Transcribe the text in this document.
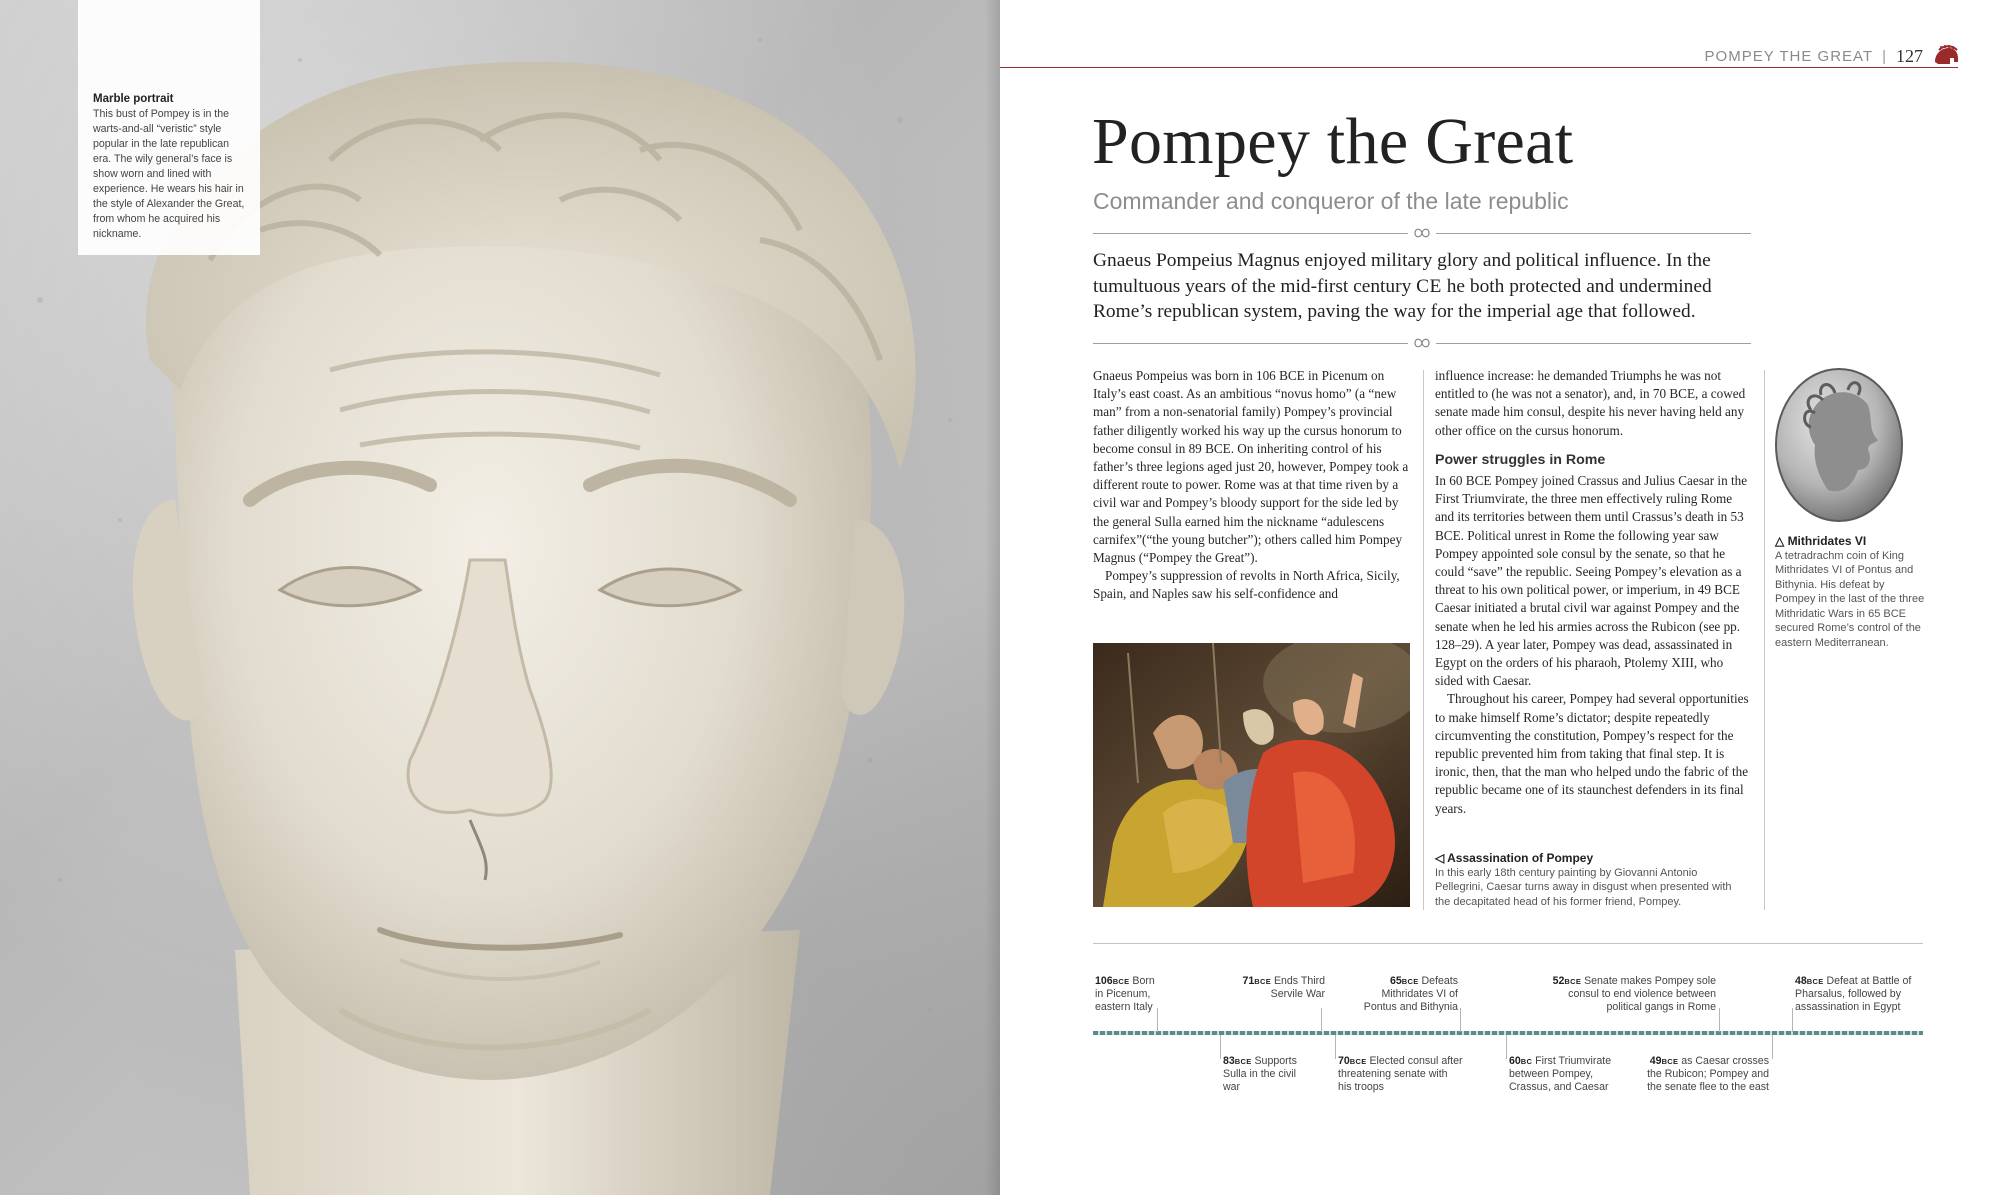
Marble portrait
This bust of Pompey is in the warts-and-all “veristic” style popular in the late republican era. The wily general’s face is show worn and lined with experience. He wears his hair in the style of Alexander the Great, from whom he acquired his nickname.
POMPEY THE GREAT | 127
Pompey the Great
Commander and conqueror of the late republic
Gnaeus Pompeius Magnus enjoyed military glory and political influence. In the tumultuous years of the mid-first century CE he both protected and undermined Rome’s republican system, paving the way for the imperial age that followed.

Gnaeus Pompeius was born in 106 BCE in Picenum on Italy’s east coast. As an ambitious “novus homo” (a “new man” from a non-senatorial family) Pompey’s provincial father diligently worked his way up the cursus honorum to become consul in 89 BCE. On inheriting control of his father’s three legions aged just 20, however, Pompey took a different route to power. Rome was at that time riven by a civil war and Pompey’s bloody support for the side led by the general Sulla earned him the nickname “adulescens carnifex”(“the young butcher”); others called him Pompey Magnus (“Pompey the Great”).

Pompey’s suppression of revolts in North Africa, Sicily, Spain, and Naples saw his self-confidence and

influence increase: he demanded Triumphs he was not entitled to (he was not a senator), and, in 70 BCE, a cowed senate made him consul, despite his never having held any other office on the cursus honorum.

Power struggles in Rome

In 60 BCE Pompey joined Crassus and Julius Caesar in the First Triumvirate, the three men effectively ruling Rome and its territories between them until Crassus’s death in 53 BCE. Political unrest in Rome the following year saw Pompey appointed sole consul by the senate, so that he could “save” the republic. Seeing Pompey’s elevation as a threat to his own political power, or imperium, in 49 BCE Caesar initiated a brutal civil war against Pompey and the senate when he led his armies across the Rubicon (see pp. 128–29). A year later, Pompey was dead, assassinated in Egypt on the orders of his pharaoh, Ptolemy XIII, who sided with Caesar.

Throughout his career, Pompey had several opportunities to make himself Rome’s dictator; despite repeatedly circumventing the constitution, Pompey’s respect for the republic prevented him from taking that final step. It is ironic, then, that the man who helped undo the fabric of the republic became one of its staunchest defenders in its final years.

◁ Assassination of Pompey
In this early 18th century painting by Giovanni Antonio Pellegrini, Caesar turns away in disgust when presented with the decapitated head of his former friend, Pompey.
△ Mithridates VI
A tetradrachm coin of King Mithridates VI of Pontus and Bithynia. His defeat by Pompey in the last of the three Mithridatic Wars in 65 BCE secured Rome’s control of the eastern Mediterranean.
106BCE Born in Picenum, eastern Italy
71BCE Ends Third Servile War
65BCE Defeats Mithridates VI of Pontus and Bithynia
52BCE Senate makes Pompey sole consul to end violence between political gangs in Rome
48BCE Defeat at Battle of Pharsalus, followed by assassination in Egypt
83BCE Supports Sulla in the civil war
70BCE Elected consul after threatening senate with his troops
60BC First Triumvirate between Pompey, Crassus, and Caesar
49BCE as Caesar crosses the Rubicon; Pompey and the senate flee to the east
